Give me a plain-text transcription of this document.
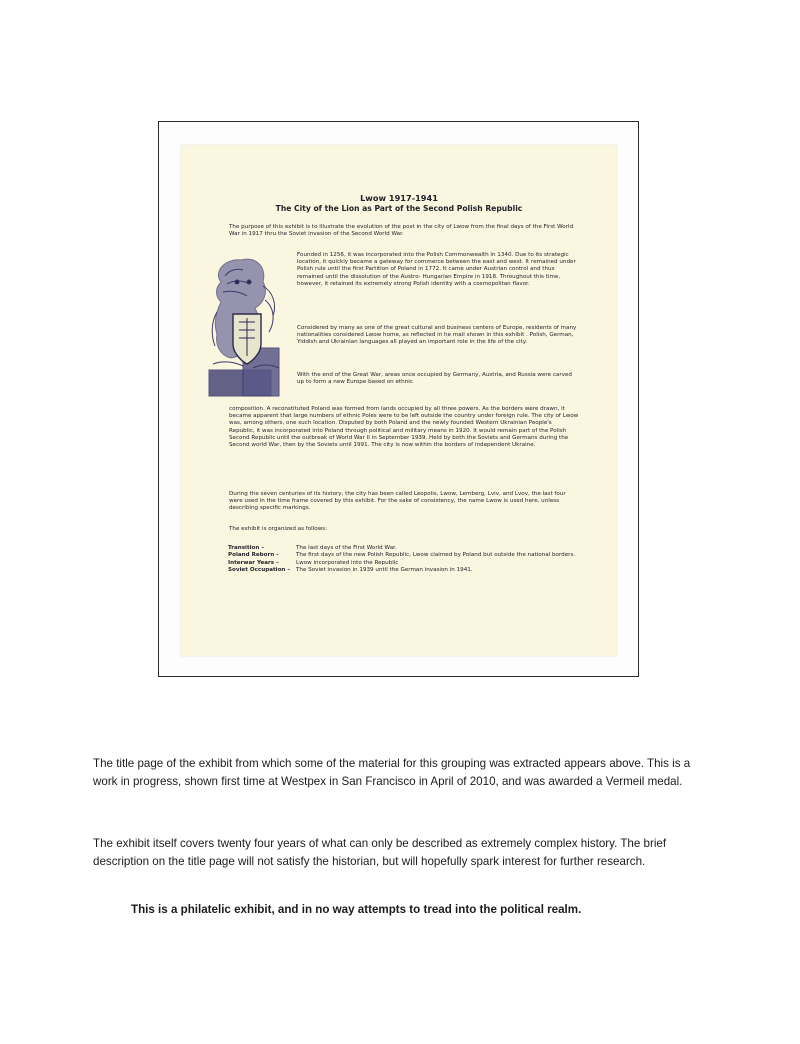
Lwow 1917-1941
The City of the Lion as Part of the Second Polish Republic

The purpose of this exhibit is to illustrate the evolution of the post in the city of Lwow from the final days of the First World War in 1917 thru the Soviet invasion of the Second World War.

Founded in 1256, it was incorporated into the Polish Commonwealth in 1340. Due to its strategic location, it quickly became a gateway for commerce between the east and west. It remained under Polish rule until the first Partition of Poland in 1772. It came under Austrian control and thus remained until the dissolution of the Austro- Hungarian Empire in 1918. Throughout this time, however, it retained its extremely strong Polish identity with a cosmopolitan flavor.

Considered by many as one of the great cultural and business centers of Europe, residents of many nationalities considered Lwow home, as reflected in he mail shown in this exhibit . Polish, German, Yiddish and Ukrainian languages all played an important role in the life of the city.

With the end of the Great War, areas once occupied by Germany, Austria, and Russia were carved up to form a new Europe based on ethnic

composition. A reconstituted Poland was formed from lands occupied by all three powers. As the borders were drawn, it became apparent that large numbers of ethnic Poles were to be left outside the country under foreign rule. The city of Lwow was, among others, one such location. Disputed by both Poland and the newly founded Western Ukrainian People's Republic, it was incorporated into Poland through political and military means in 1920. It would remain part of the Polish Second Republic until the outbreak of World War II in September 1939. Held by both the Soviets and Germans during the Second world War, then by the Soviets until 1991. The city is now within the borders of independent Ukraine.

During the seven centuries of its history, the city has been called Leopolis, Lwow, Lemberg, Lviv, and Lvov, the last four were used in the time frame covered by this exhibit. For the sake of consistency, the name Lwow is used here, unless describing specific markings.

The exhibit is organized as follows:

Transition –	The last days of the First World War.
Poland Reborn -	The first days of the new Polish Republic, Lwow claimed by Poland but outside the national borders.
Interwar Years –	Lwow incorporated into the Republic
Soviet Occupation –	The Soviet invasion in 1939 until the German invasion in 1941.

The title page of the exhibit from which some of the material for this grouping was extracted appears above. This is a work in progress, shown first time at Westpex in San Francisco in April of 2010, and was awarded a Vermeil medal.

The exhibit itself covers twenty four years of what can only be described as extremely complex history. The brief description on the title page will not satisfy the historian, but will hopefully spark interest for further research.

This is a philatelic exhibit, and in no way attempts to tread into the political realm.
